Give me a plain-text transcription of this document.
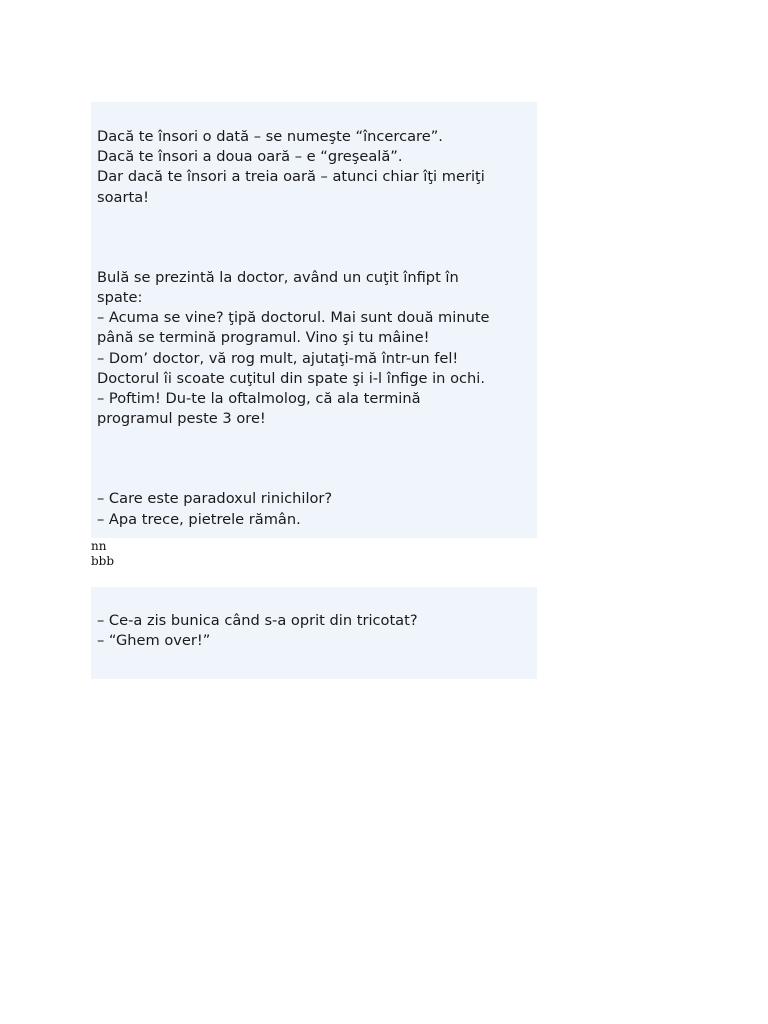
Dacă te însori o dată – se numeşte “încercare”.
Dacă te însori a doua oară – e “greşeală”.
Dar dacă te însori a treia oară – atunci chiar îţi meriţi
soarta!
Bulă se prezintă la doctor, având un cuţit înfipt în
spate:
– Acuma se vine? ţipă doctorul. Mai sunt două minute
până se termină programul. Vino şi tu mâine!
– Dom’ doctor, vă rog mult, ajutaţi-mă într-un fel!
Doctorul îi scoate cuţitul din spate şi i-l înfige in ochi.
– Poftim! Du-te la oftalmolog, că ala termină
programul peste 3 ore!
– Care este paradoxul rinichilor?
– Apa trece, pietrele rămân.
nn
bbb
– Ce-a zis bunica când s-a oprit din tricotat?
– “Ghem over!”
